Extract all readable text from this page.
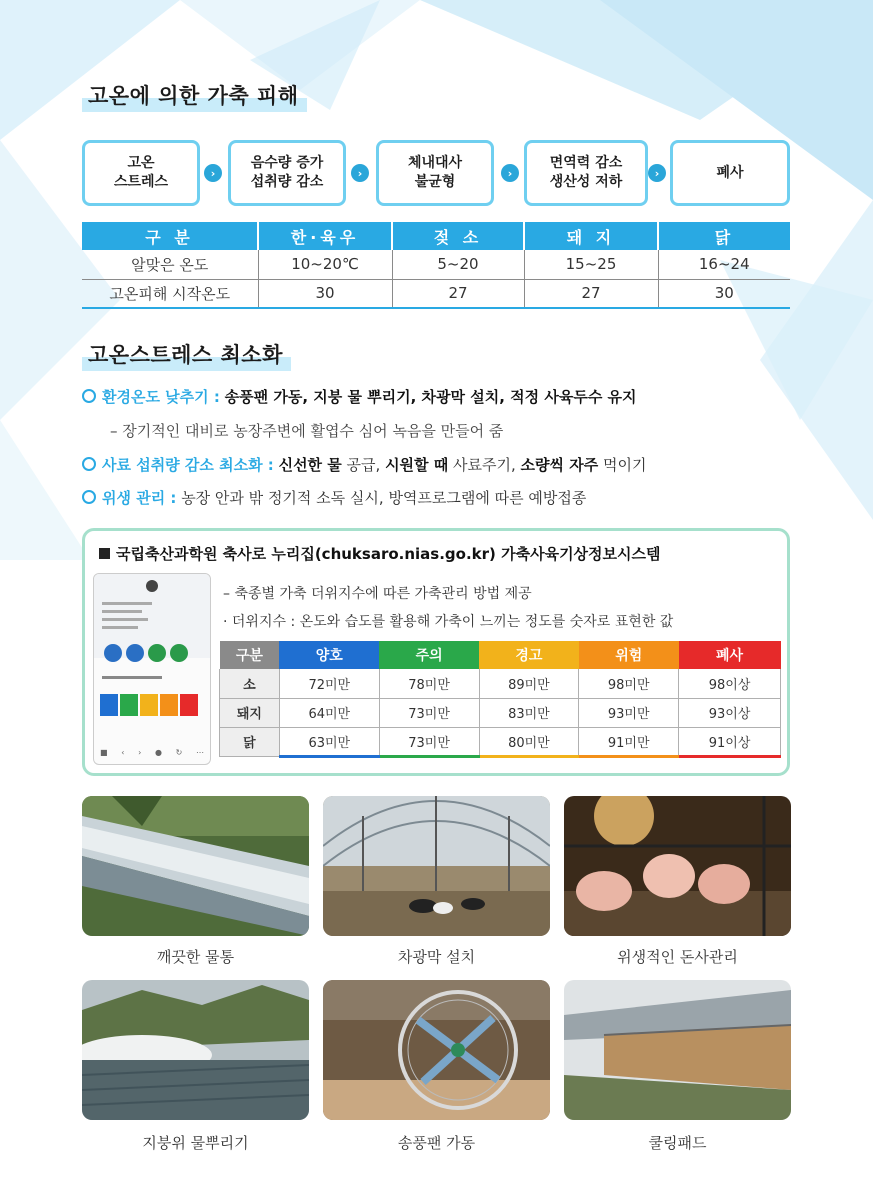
고온에 의한 가축 피해
고온
스트레스
›
음수량 증가
섭취량 감소
›
체내대사
불균형
›
면역력 감소
생산성 저하
›	폐사
구 분	한·육우	젖 소	돼 지	닭
알맞은 온도	10~20℃	5~20	15~25	16~24
고온피해 시작온도	30	27	27	30
고온스트레스 최소화
환경온도 낮추기 : 송풍팬 가동, 지붕 물 뿌리기, 차광막 설치, 적정 사육두수 유지
– 장기적인 대비로 농장주변에 활엽수 심어 녹음을 만들어 줌
사료 섭취량 감소 최소화 : 신선한 물 공급, 시원할 때 사료주기, 소량씩 자주 먹이기
위생 관리 : 농장 안과 밖 정기적 소독 실시, 방역프로그램에 따른 예방접종
국립축산과학원 축사로 누리집(chuksaro.nias.go.kr) 가축사육기상정보시스템
■ ‹ › ● ↻ ⋯
– 축종별 가축 더위지수에 따른 가축관리 방법 제공
· 더위지수 : 온도와 습도를 활용해 가축이 느끼는 정도를 숫자로 표현한 값
구분	양호	주의	경고	위험	폐사
소	72미만	78미만	89미만	98미만	98이상
돼지	64미만	73미만	83미만	93미만	93이상
닭	63미만	73미만	80미만	91미만	91이상
깨끗한 물통	차광막 설치	위생적인 돈사관리
지붕위 물뿌리기	송풍팬 가동	쿨링패드
